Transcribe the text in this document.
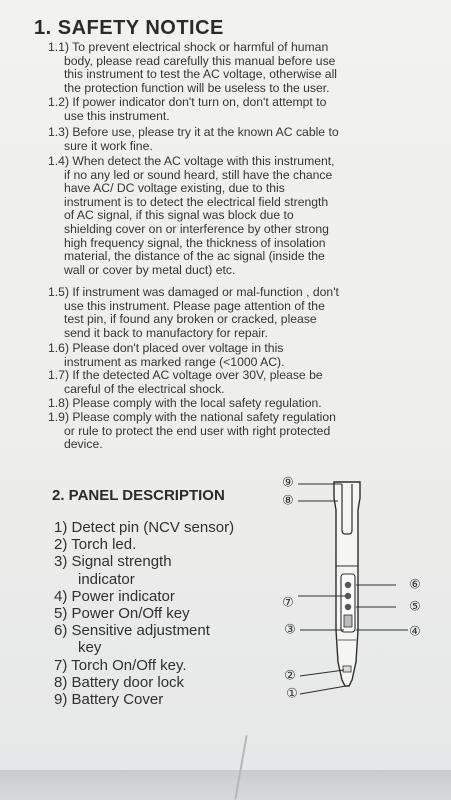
1. SAFETY NOTICE
1.1) To prevent electrical shock or harmful of human
body, please read carefully this manual before use
this instrument to test the AC voltage, otherwise all
the protection function will be useless to the user.
1.2) If power indicator don't turn on, don't attempt to
use this instrument.
1.3) Before use, please try it at the known AC cable to
sure it work fine.
1.4) When detect the AC voltage with this instrument,
if no any led or sound heard, still have the chance
have AC/ DC voltage existing, due to this
instrument is to detect the electrical field strength
of AC signal, if this signal was block due to
shielding cover on or interference by other strong
high frequency signal, the thickness of insolation
material, the distance of the ac signal (inside the
wall or cover by metal duct) etc.
1.5) If instrument was damaged or mal-function , don't
use this instrument. Please page attention of the
test pin, if found any broken or cracked, please
send it back to manufactory for repair.
1.6) Please don't placed over voltage in this
instrument as marked range (<1000 AC).
1.7) If the detected AC voltage over 30V, please be
careful of the electrical shock.
1.8) Please comply with the local safety regulation.
1.9) Please comply with the national safety regulation
or rule to protect the end user with right protected
device.
2. PANEL DESCRIPTION
1) Detect pin (NCV sensor)
2) Torch led.
3) Signal strength
indicator
4) Power indicator
5) Power On/Off key
6) Sensitive adjustment
key
7) Torch On/Off key.
8) Battery door lock
9) Battery Cover
⑨
⑧
⑥
⑦	⑤
③	④
②
①
